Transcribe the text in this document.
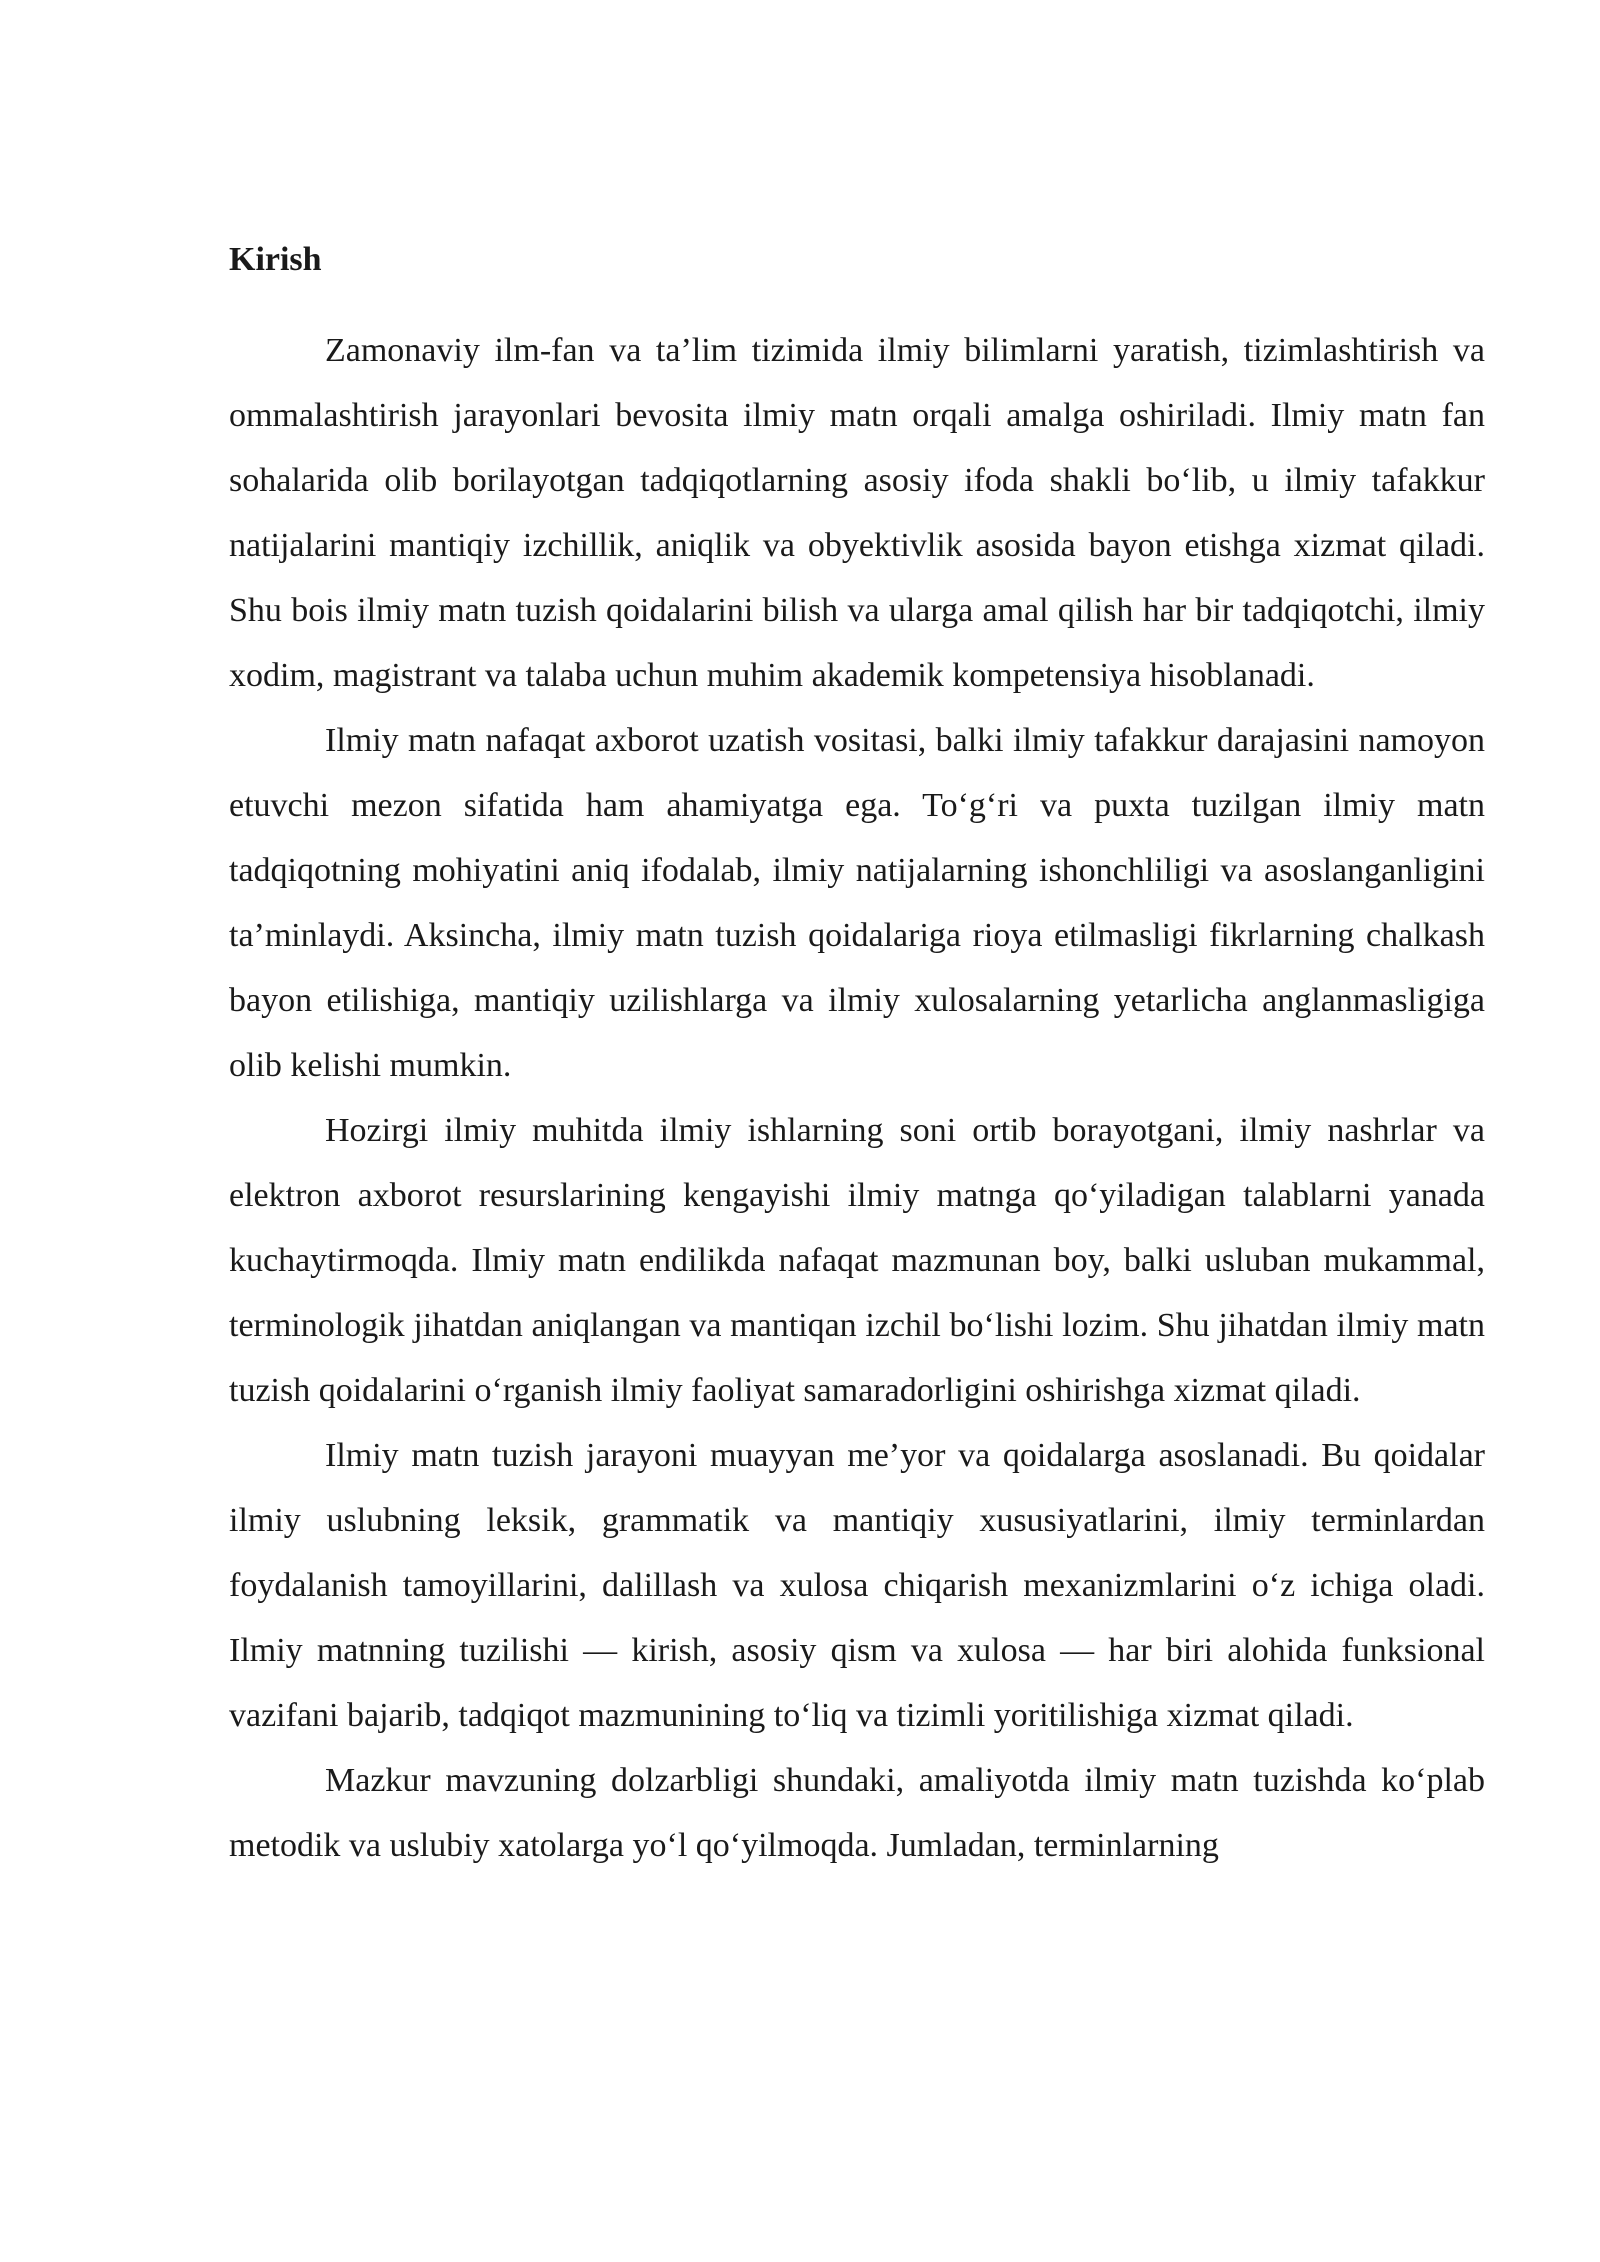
Kirish

Zamonaviy ilm-fan va ta’lim tizimida ilmiy bilimlarni yaratish, tizimlashtirish va ommalashtirish jarayonlari bevosita ilmiy matn orqali amalga oshiriladi. Ilmiy matn fan sohalarida olib borilayotgan tadqiqotlarning asosiy ifoda shakli bo‘lib, u ilmiy tafakkur natijalarini mantiqiy izchillik, aniqlik va obyektivlik asosida bayon etishga xizmat qiladi. Shu bois ilmiy matn tuzish qoidalarini bilish va ularga amal qilish har bir tadqiqotchi, ilmiy xodim, magistrant va talaba uchun muhim akademik kompetensiya hisoblanadi.

Ilmiy matn nafaqat axborot uzatish vositasi, balki ilmiy tafakkur darajasini namoyon etuvchi mezon sifatida ham ahamiyatga ega. To‘g‘ri va puxta tuzilgan ilmiy matn tadqiqotning mohiyatini aniq ifodalab, ilmiy natijalarning ishonchliligi va asoslanganligini ta’minlaydi. Aksincha, ilmiy matn tuzish qoidalariga rioya etilmasligi fikrlarning chalkash bayon etilishiga, mantiqiy uzilishlarga va ilmiy xulosalarning yetarlicha anglanmasligiga olib kelishi mumkin.

Hozirgi ilmiy muhitda ilmiy ishlarning soni ortib borayotgani, ilmiy nashrlar va elektron axborot resurslarining kengayishi ilmiy matnga qo‘yiladigan talablarni yanada kuchaytirmoqda. Ilmiy matn endilikda nafaqat mazmunan boy, balki usluban mukammal, terminologik jihatdan aniqlangan va mantiqan izchil bo‘lishi lozim. Shu jihatdan ilmiy matn tuzish qoidalarini o‘rganish ilmiy faoliyat samaradorligini oshirishga xizmat qiladi.

Ilmiy matn tuzish jarayoni muayyan me’yor va qoidalarga asoslanadi. Bu qoidalar ilmiy uslubning leksik, grammatik va mantiqiy xususiyatlarini, ilmiy terminlardan foydalanish tamoyillarini, dalillash va xulosa chiqarish mexanizmlarini o‘z ichiga oladi. Ilmiy matnning tuzilishi — kirish, asosiy qism va xulosa — har biri alohida funksional vazifani bajarib, tadqiqot mazmunining to‘liq va tizimli yoritilishiga xizmat qiladi.

Mazkur mavzuning dolzarbligi shundaki, amaliyotda ilmiy matn tuzishda ko‘plab metodik va uslubiy xatolarga yo‘l qo‘yilmoqda. Jumladan, terminlarning
